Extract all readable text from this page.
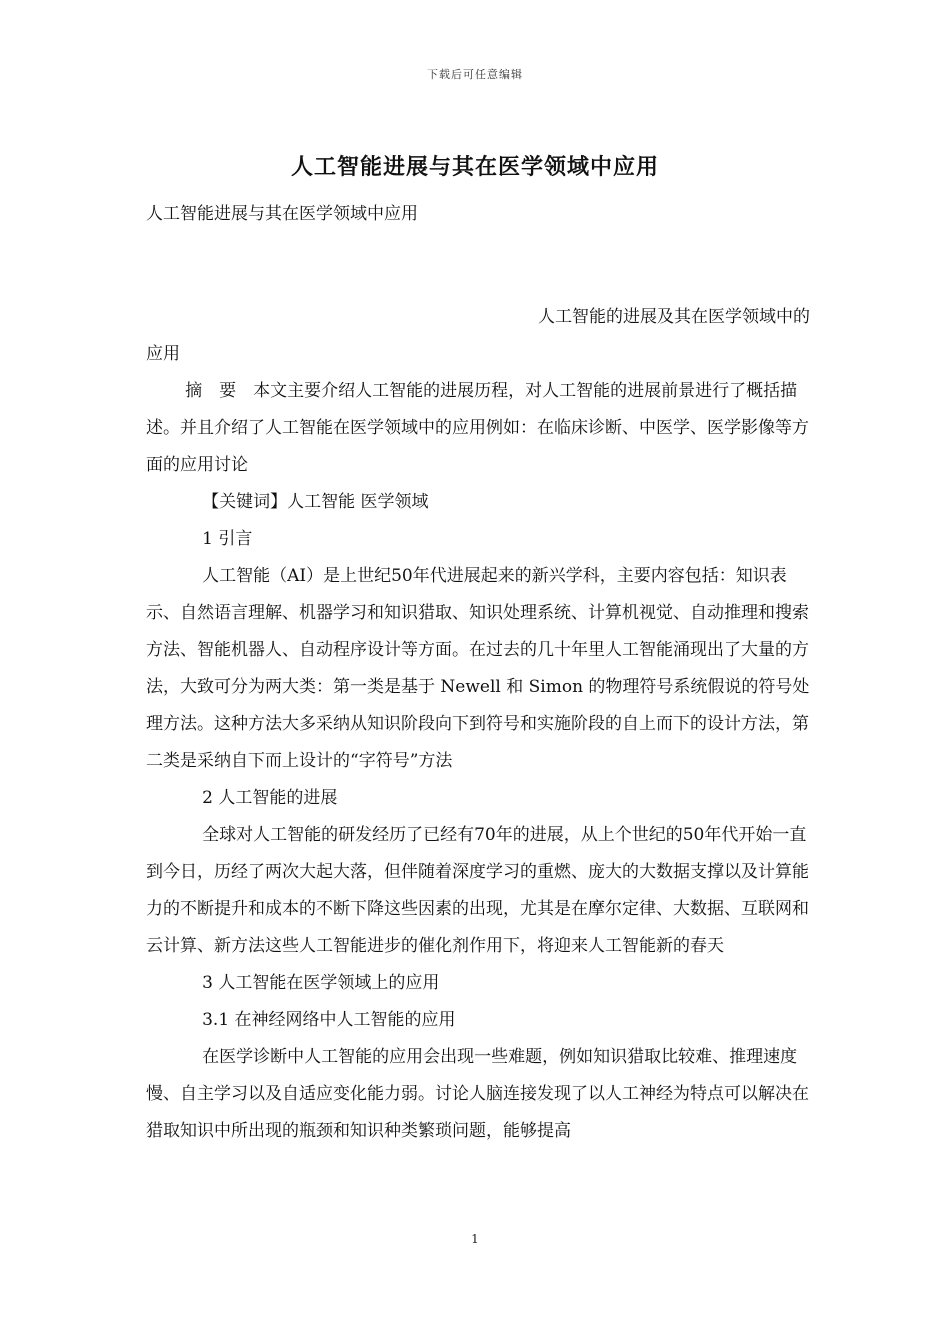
下载后可任意编辑
人工智能进展与其在医学领域中应用

人工智能进展与其在医学领域中应用

人工智能的进展及其在医学领域中的

应用

摘　要　本文主要介绍人工智能的进展历程，对人工智能的进展前景进行了概括描述。并且介绍了人工智能在医学领域中的应用例如：在临床诊断、中医学、医学影像等方面的应用讨论

【关键词】人工智能 医学领域

1 引言

人工智能（AI）是上世纪50年代进展起来的新兴学科，主要内容包括：知识表示、自然语言理解、机器学习和知识猎取、知识处理系统、计算机视觉、自动推理和搜索方法、智能机器人、自动程序设计等方面。在过去的几十年里人工智能涌现出了大量的方法，大致可分为两大类：第一类是基于 Newell 和 Simon 的物理符号系统假说的符号处理方法。这种方法大多采纳从知识阶段向下到符号和实施阶段的自上而下的设计方法，第二类是采纳自下而上设计的“字符号”方法

2 人工智能的进展

全球对人工智能的研发经历了已经有70年的进展，从上个世纪的50年代开始一直到今日，历经了两次大起大落，但伴随着深度学习的重燃、庞大的大数据支撑以及计算能力的不断提升和成本的不断下降这些因素的出现，尤其是在摩尔定律、大数据、互联网和云计算、新方法这些人工智能进步的催化剂作用下，将迎来人工智能新的春天

3 人工智能在医学领域上的应用

3.1 在神经网络中人工智能的应用

在医学诊断中人工智能的应用会出现一些难题，例如知识猎取比较难、推理速度慢、自主学习以及自适应变化能力弱。讨论人脑连接发现了以人工神经为特点可以解决在猎取知识中所出现的瓶颈和知识种类繁琐问题，能够提高

1
